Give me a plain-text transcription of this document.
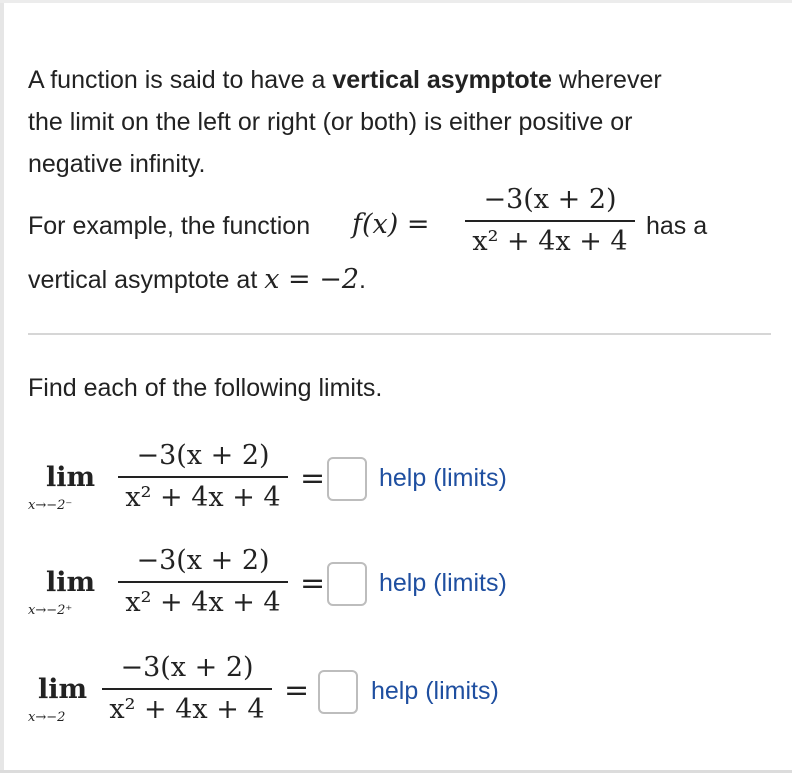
A function is said to have a vertical asymptote wherever
the limit on the left or right (or both) is either positive or
negative infinity.
For example, the function f(x) =
−3(x + 2)
x² + 4x + 4 has a
vertical asymptote at x = −2.
Find each of the following limits.
lim
x→−2⁻
−3(x + 2)
x² + 4x + 4
= help (limits)
lim
x→−2⁺
−3(x + 2)
x² + 4x + 4
= help (limits)
lim
x→−2
−3(x + 2)
x² + 4x + 4
= help (limits)
